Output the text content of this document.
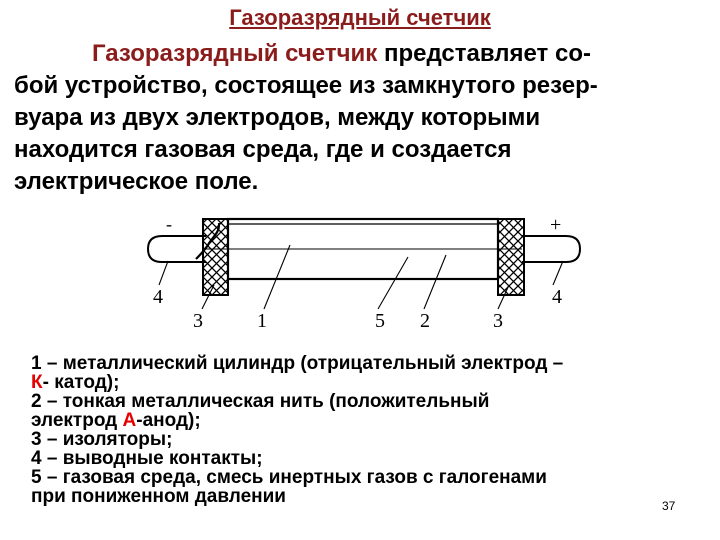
Газоразрядный счетчик

Газоразрядный счетчик представляет со-
бой устройство, состоящее из замкнутого резер-
вуара из двух электродов, между которыми
находится газовая среда, где и создается
электрическое поле.

-	+
4	4
3	1	5 2	3
1 – металлический цилиндр (отрицательный электрод –
К- катод);
2 – тонкая металлическая нить (положительный
электрод А-анод);
3 – изоляторы;
4 – выводные контакты;
5 – газовая среда, смесь инертных газов с галогенами
при пониженном давлении	37
